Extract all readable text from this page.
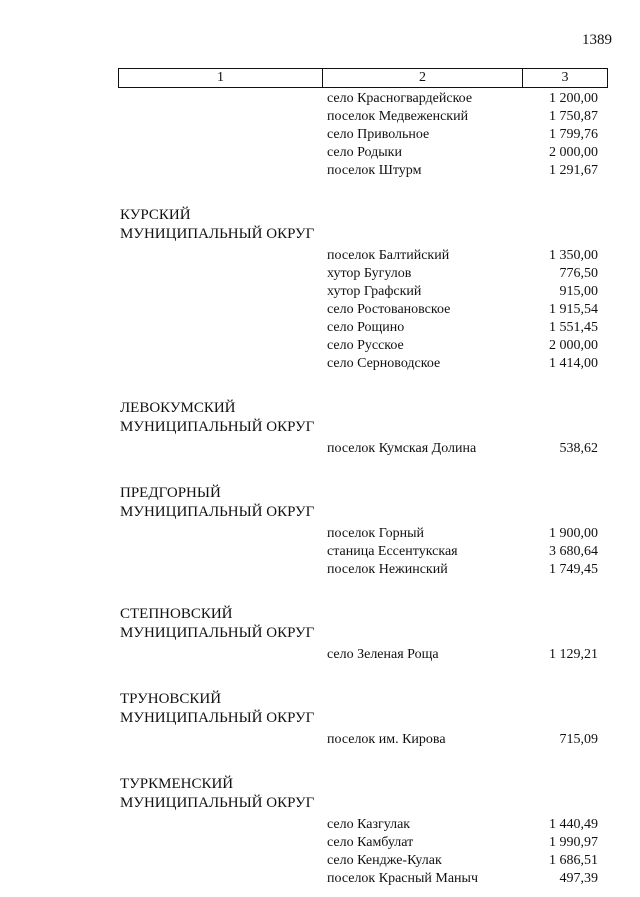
1389
1	2	3
село Красногвардейское	1 200,00
поселок Медвеженский	1 750,87
село Привольное	1 799,76
село Родыки	2 000,00
поселок Штурм	1 291,67
КУРСКИЙ
МУНИЦИПАЛЬНЫЙ ОКРУГ
поселок Балтийский	1 350,00
хутор Бугулов	776,50
хутор Графский	915,00
село Ростовановское	1 915,54
село Рощино	1 551,45
село Русское	2 000,00
село Серноводское	1 414,00
ЛЕВОКУМСКИЙ
МУНИЦИПАЛЬНЫЙ ОКРУГ
поселок Кумская Долина	538,62
ПРЕДГОРНЫЙ
МУНИЦИПАЛЬНЫЙ ОКРУГ
поселок Горный	1 900,00
станица Ессентукская	3 680,64
поселок Нежинский	1 749,45
СТЕПНОВСКИЙ
МУНИЦИПАЛЬНЫЙ ОКРУГ
село Зеленая Роща	1 129,21
ТРУНОВСКИЙ
МУНИЦИПАЛЬНЫЙ ОКРУГ
поселок им. Кирова	715,09
ТУРКМЕНСКИЙ
МУНИЦИПАЛЬНЫЙ ОКРУГ
село Казгулак	1 440,49
село Камбулат	1 990,97
село Кендже-Кулак	1 686,51
поселок Красный Маныч	497,39
